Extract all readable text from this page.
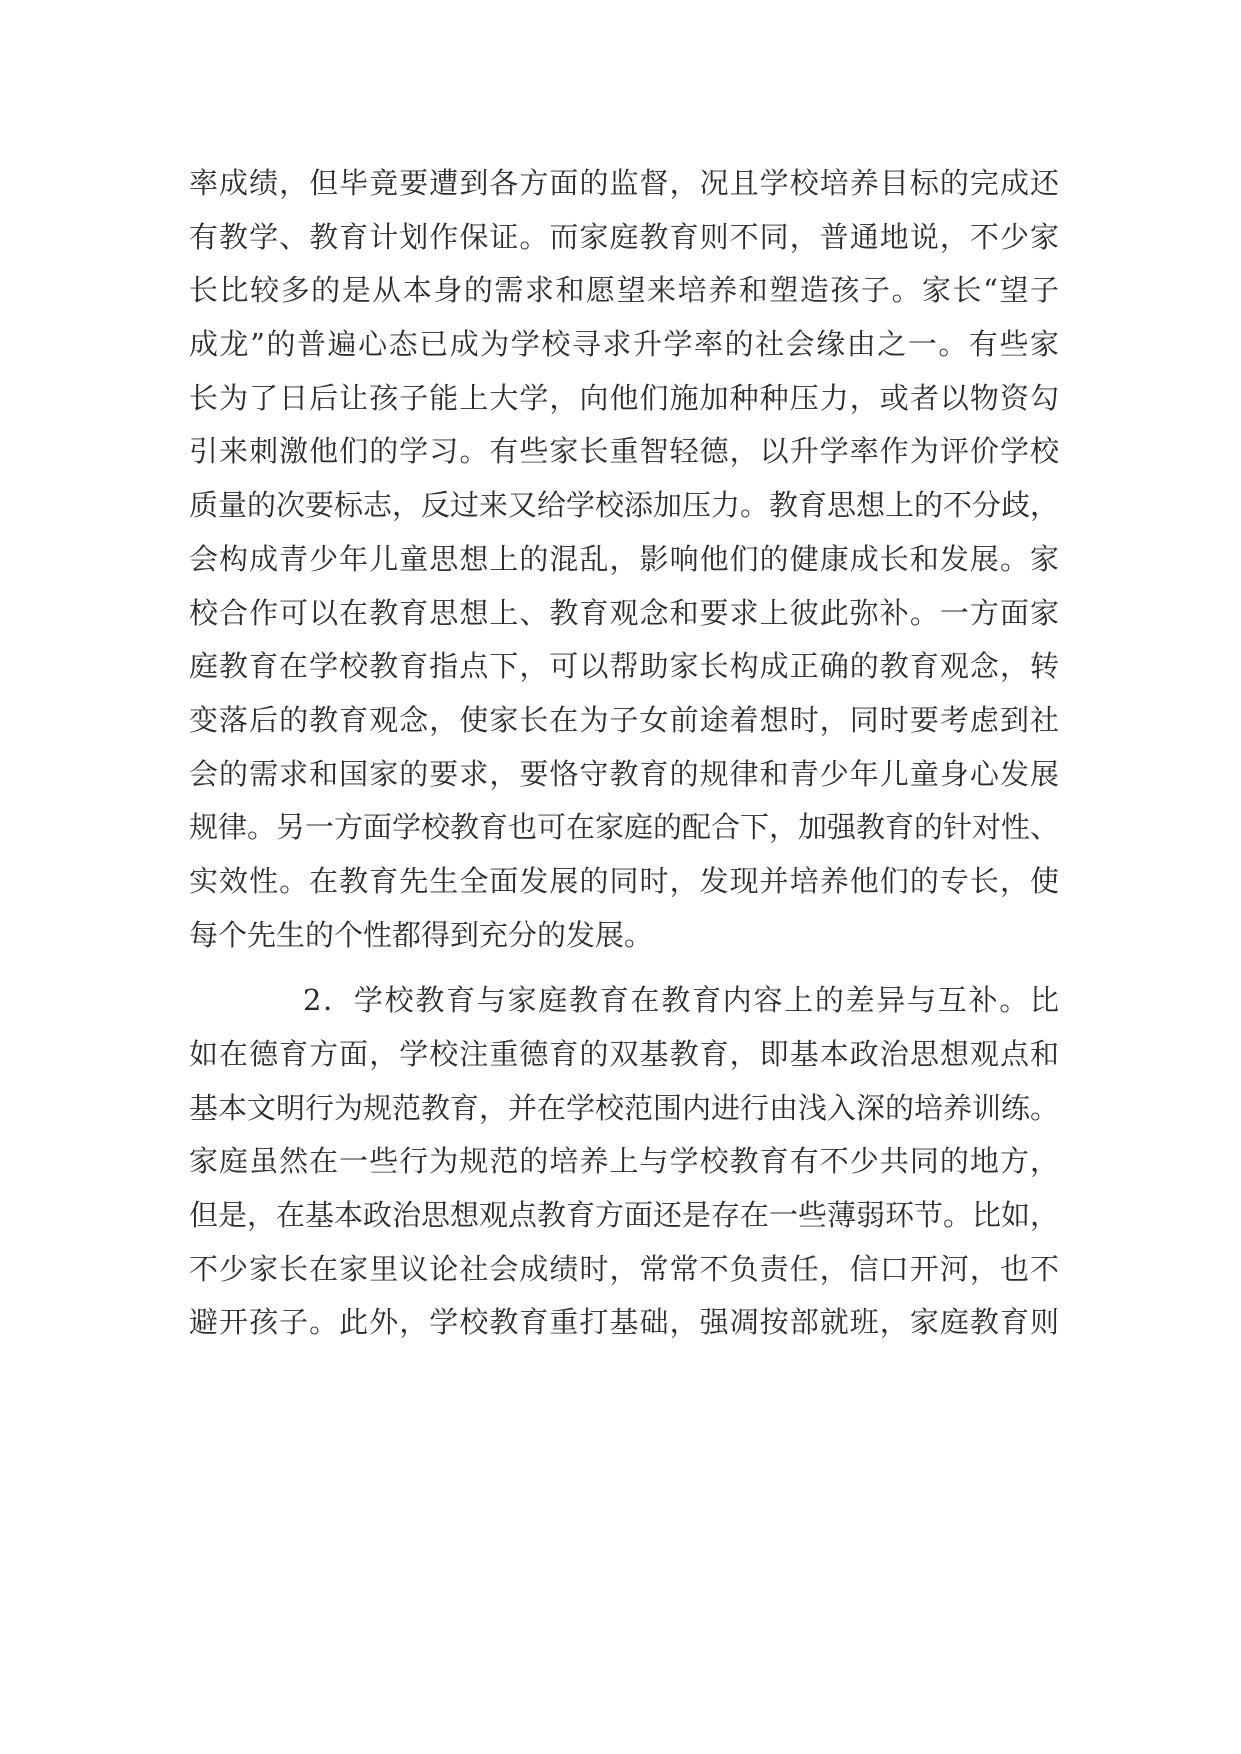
率成绩，但毕竟要遭到各方面的监督，况且学校培养目标的完成还
有教学、教育计划作保证。而家庭教育则不同，普通地说，不少家
长比较多的是从本身的需求和愿望来培养和塑造孩子。家长“望子
成龙”的普遍心态已成为学校寻求升学率的社会缘由之一。有些家
长为了日后让孩子能上大学，向他们施加种种压力，或者以物资勾
引来刺激他们的学习。有些家长重智轻德，以升学率作为评价学校
质量的次要标志，反过来又给学校添加压力。教育思想上的不分歧，
会构成青少年儿童思想上的混乱，影响他们的健康成长和发展。家
校合作可以在教育思想上、教育观念和要求上彼此弥补。一方面家
庭教育在学校教育指点下，可以帮助家长构成正确的教育观念，转
变落后的教育观念，使家长在为子女前途着想时，同时要考虑到社
会的需求和国家的要求，要恪守教育的规律和青少年儿童身心发展
规律。另一方面学校教育也可在家庭的配合下，加强教育的针对性、
实效性。在教育先生全面发展的同时，发现并培养他们的专长，使
每个先生的个性都得到充分的发展。
2．学校教育与家庭教育在教育内容上的差异与互补。比
如在德育方面，学校注重德育的双基教育，即基本政治思想观点和
基本文明行为规范教育，并在学校范围内进行由浅入深的培养训练。
家庭虽然在一些行为规范的培养上与学校教育有不少共同的地方，
但是，在基本政治思想观点教育方面还是存在一些薄弱环节。比如，
不少家长在家里议论社会成绩时，常常不负责任，信口开河，也不
避开孩子。此外，学校教育重打基础，强凋按部就班，家庭教育则
